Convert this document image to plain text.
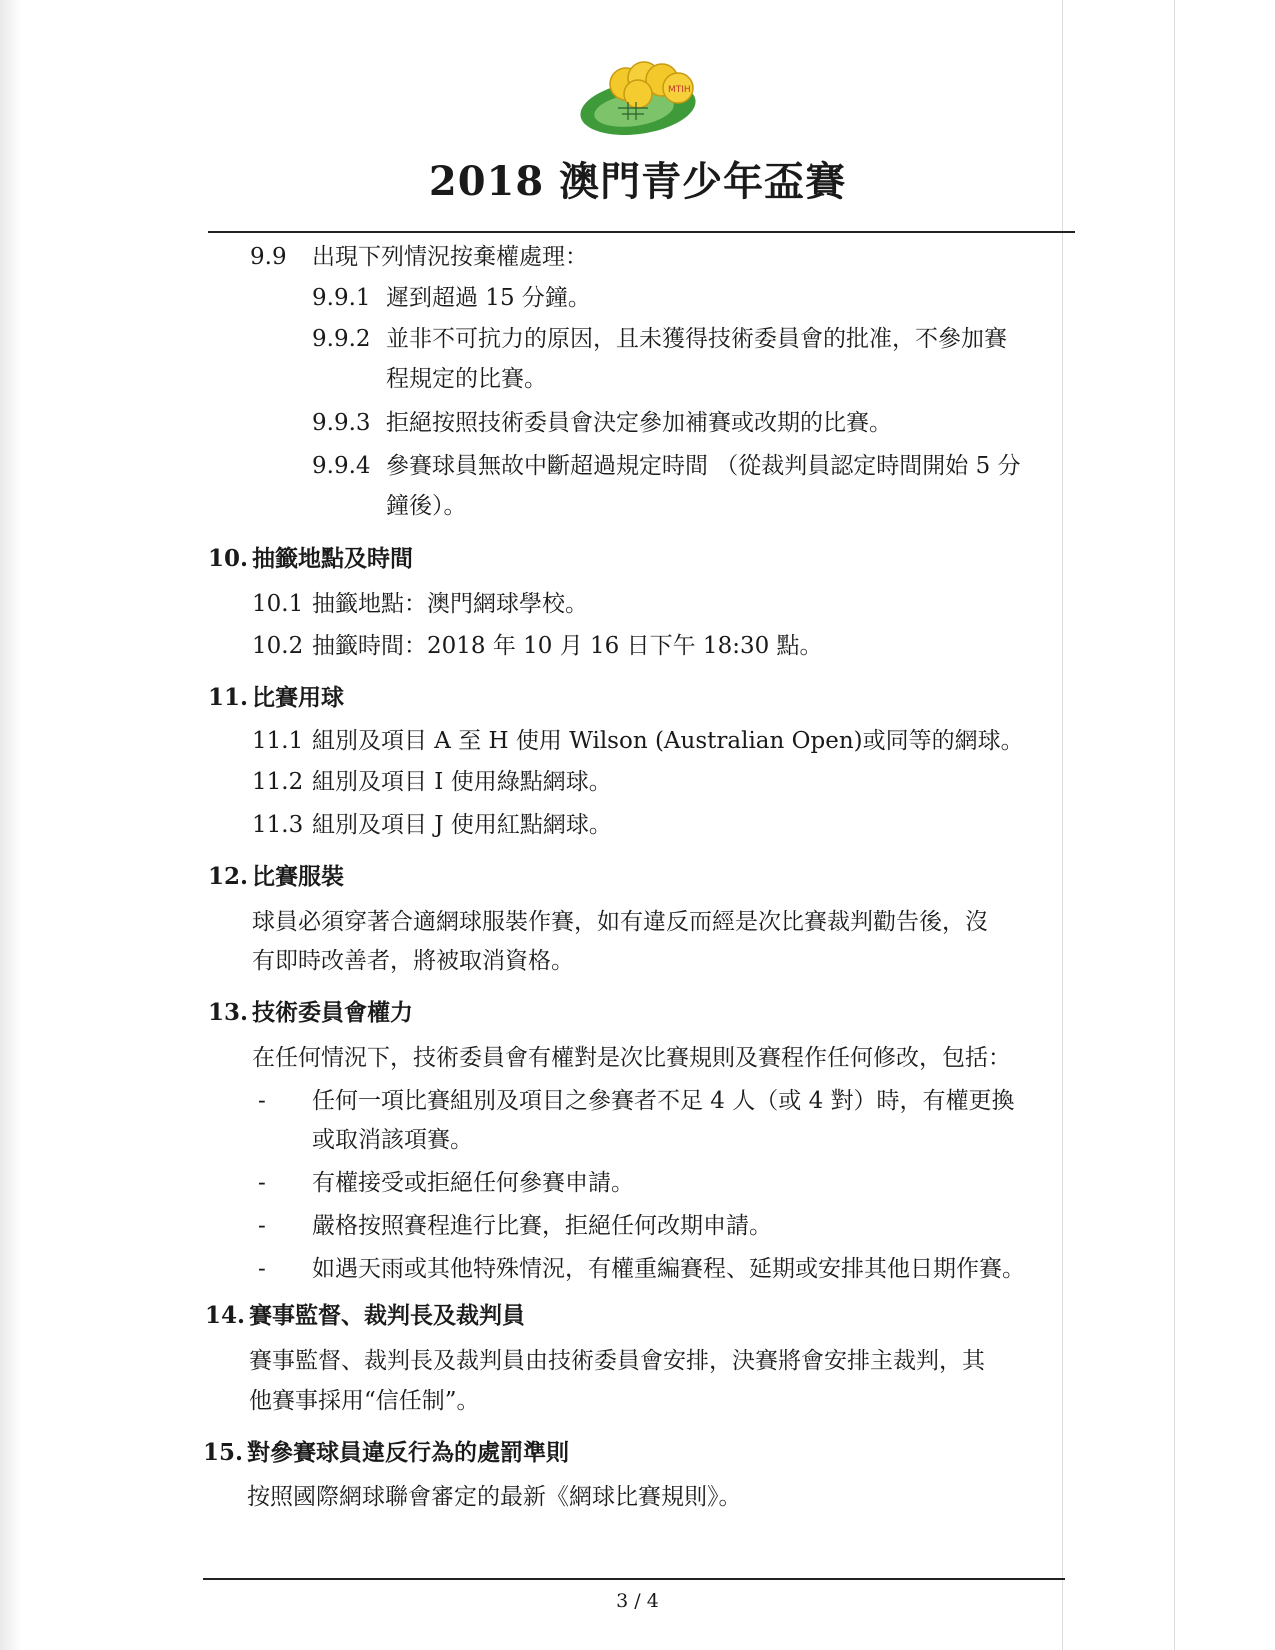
MTIH
2018 澳門青少年盃賽
9.9 出現下列情況按棄權處理：
9.9.1 遲到超過 15 分鐘。
9.9.2 並非不可抗力的原因，且未獲得技術委員會的批准，不參加賽
程規定的比賽。
9.9.3 拒絕按照技術委員會決定參加補賽或改期的比賽。
9.9.4 參賽球員無故中斷超過規定時間 （從裁判員認定時間開始 5 分
鐘後）。
10. 抽籤地點及時間
10.1 抽籤地點：澳門網球學校。
10.2 抽籤時間：2018 年 10 月 16 日下午 18:30 點。
11. 比賽用球
11.1 組別及項目 A 至 H 使用 Wilson (Australian Open)或同等的網球。
11.2 組別及項目 I 使用綠點網球。
11.3 組別及項目 J 使用紅點網球。
12. 比賽服裝
球員必須穿著合適網球服裝作賽，如有違反而經是次比賽裁判勸告後，沒
有即時改善者，將被取消資格。
13. 技術委員會權力
在任何情況下，技術委員會有權對是次比賽規則及賽程作任何修改，包括：
- 任何一項比賽組別及項目之參賽者不足 4 人（或 4 對）時，有權更換
或取消該項賽。
- 有權接受或拒絕任何參賽申請。
- 嚴格按照賽程進行比賽，拒絕任何改期申請。
- 如遇天雨或其他特殊情況，有權重編賽程、延期或安排其他日期作賽。
14. 賽事監督、裁判長及裁判員
賽事監督、裁判長及裁判員由技術委員會安排，決賽將會安排主裁判，其
他賽事採用“信任制”。
15. 對參賽球員違反行為的處罰準則
按照國際網球聯會審定的最新《網球比賽規則》。
3 / 4
